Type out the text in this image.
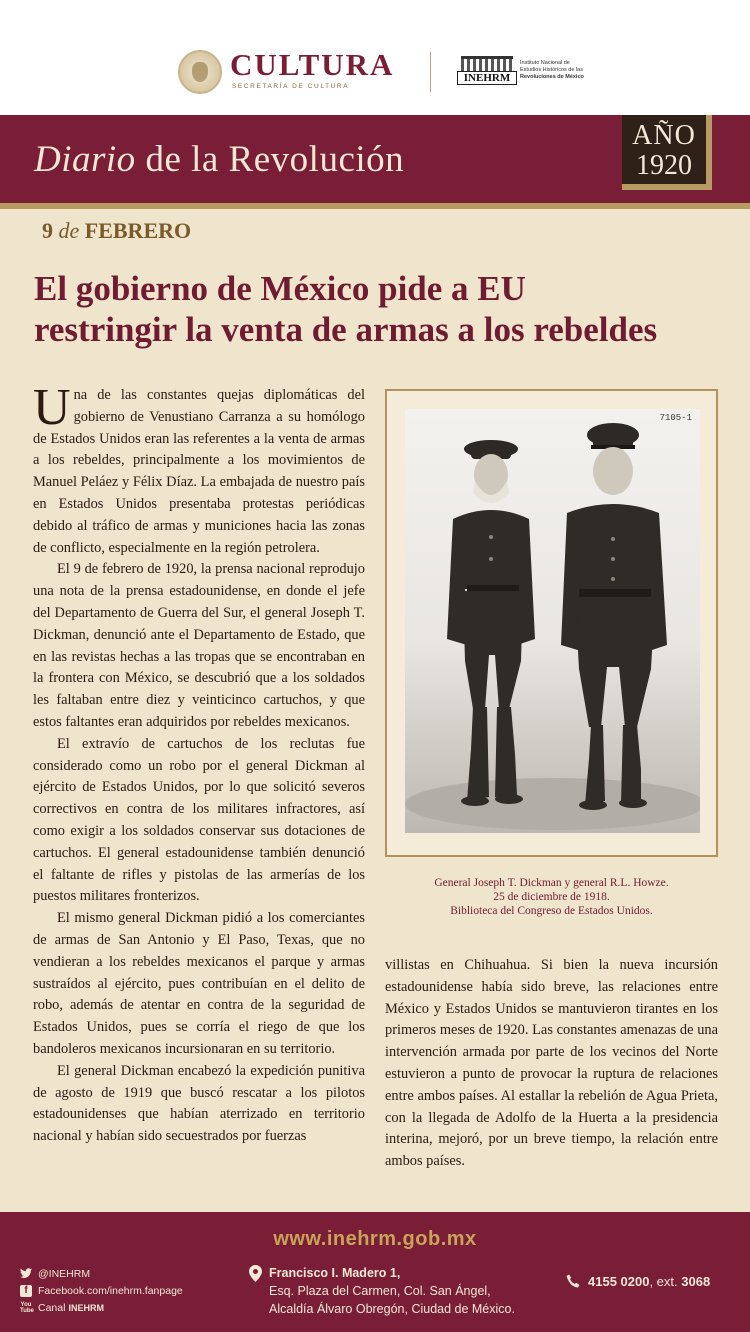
CULTURA
SECRETARÍA DE CULTURA
INEHRM
Instituto Nacional de
Estudios Históricos de las
Revoluciones de México
Diario de la Revolución
AÑO
1920
9 de FEBRERO
El gobierno de México pide a EU
restringir la venta de armas a los rebeldes

Una de las constantes quejas diplomáticas del gobierno de Venustiano Carranza a su homólogo de Estados Unidos eran las referentes a la venta de armas a los rebeldes, principalmente a los movimientos de Manuel Peláez y Félix Díaz. La embajada de nuestro país en Estados Unidos presentaba protestas periódicas debido al tráfico de armas y municiones hacia las zonas de conflicto, especialmente en la región petrolera.

El 9 de febrero de 1920, la prensa nacional reprodujo una nota de la prensa estadounidense, en donde el jefe del Departamento de Guerra del Sur, el general Joseph T. Dickman, denunció ante el Departamento de Estado, que en las revistas hechas a las tropas que se encontraban en la frontera con México, se descubrió que a los soldados les faltaban entre diez y veinticinco cartuchos, y que estos faltantes eran adquiridos por rebeldes mexicanos.

El extravío de cartuchos de los reclutas fue considerado como un robo por el general Dickman al ejército de Estados Unidos, por lo que solicitó severos correctivos en contra de los militares infractores, así como exigir a los soldados conservar sus dotaciones de cartuchos. El general estadounidense también denunció el faltante de rifles y pistolas de las armerías de los puestos militares fronterizos.

El mismo general Dickman pidió a los comerciantes de armas de San Antonio y El Paso, Texas, que no vendieran a los rebeldes mexicanos el parque y armas sustraídos al ejército, pues contribuían en el delito de robo, además de atentar en contra de la seguridad de Estados Unidos, pues se corría el riego de que los bandoleros mexicanos incursionaran en su territorio.

El general Dickman encabezó la expedición punitiva de agosto de 1919 que buscó rescatar a los pilotos estadounidenses que habían aterrizado en territorio nacional y habían sido secuestrados por fuerzas

7105-1
General Joseph T. Dickman y general R.L. Howze.
25 de diciembre de 1918.
Biblioteca del Congreso de Estados Unidos.

villistas en Chihuahua. Si bien la nueva incursión estadounidense había sido breve, las relaciones entre México y Estados Unidos se mantuvieron tirantes en los primeros meses de 1920. Las constantes amenazas de una intervención armada por parte de los vecinos del Norte estuvieron a punto de provocar la ruptura de relaciones entre ambos países. Al estallar la rebelión de Agua Prieta, con la llegada de Adolfo de la Huerta a la presidencia interina, mejoró, por un breve tiempo, la relación entre ambos países.

www.inehrm.gob.mx
@INEHRM
f Facebook.com/inehrm.fanpage
You
Tube Canal INEHRM
Francisco I. Madero 1,
Esq. Plaza del Carmen, Col. San Ángel,
Alcaldía Álvaro Obregón, Ciudad de México.
4155 0200, ext. 3068
